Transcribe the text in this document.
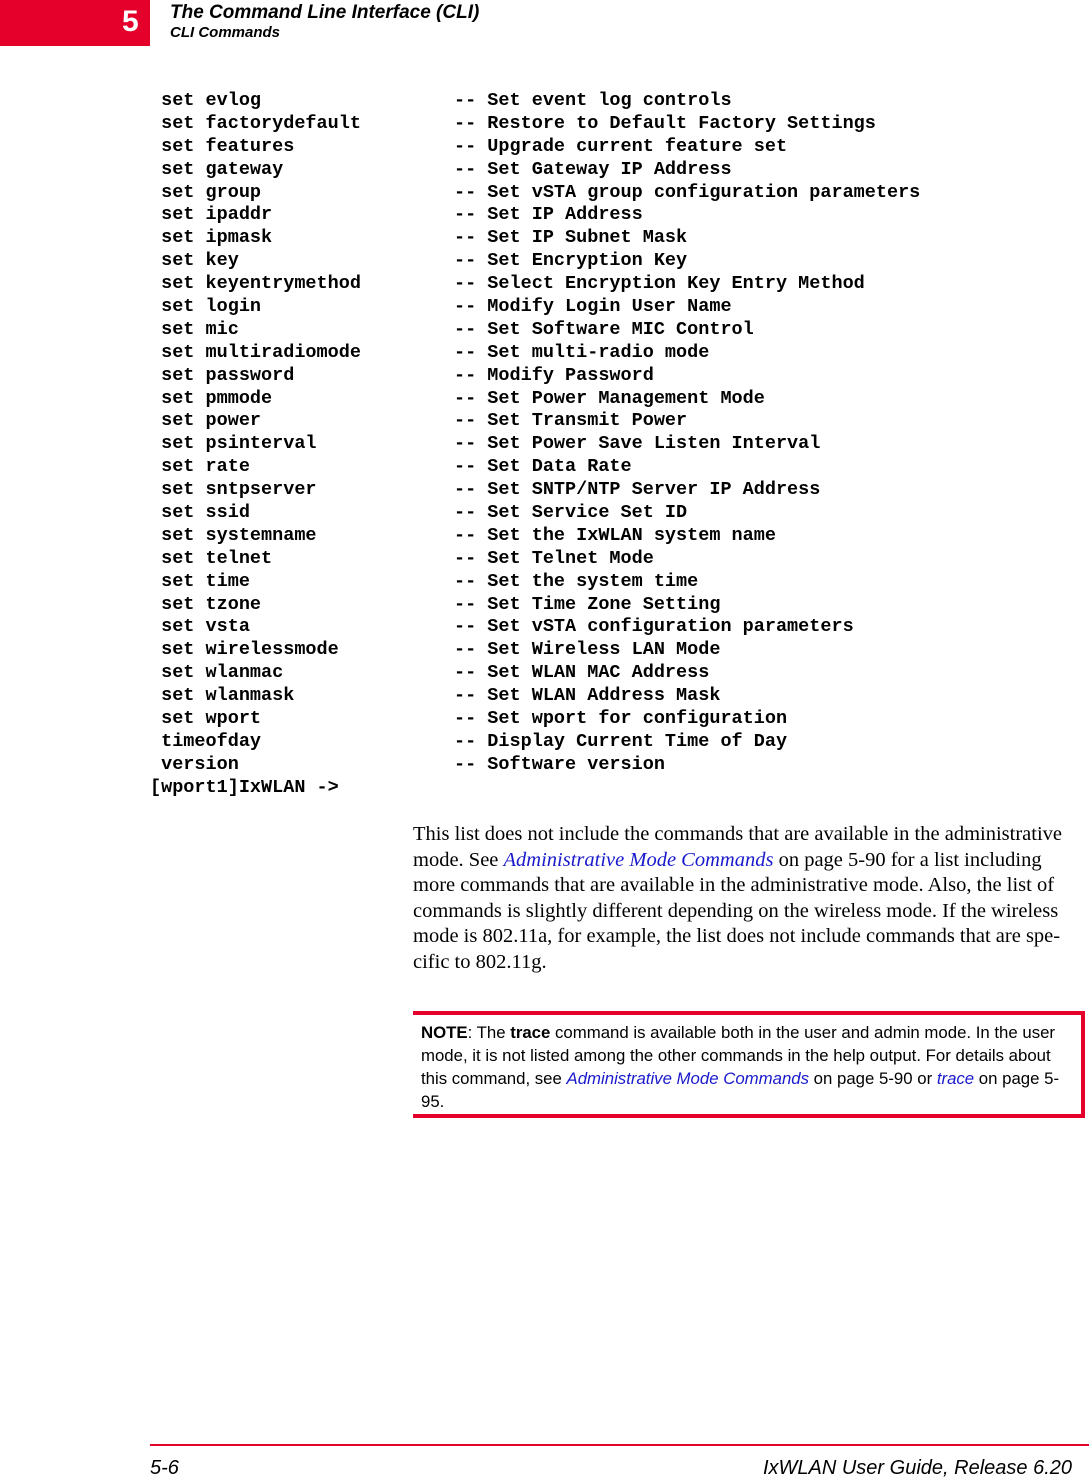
5 The Command Line Interface (CLI)
CLI Commands
set evlog	-- Set event log controls
set factorydefault	-- Restore to Default Factory Settings
set features	-- Upgrade current feature set
set gateway	-- Set Gateway IP Address
set group	-- Set vSTA group configuration parameters
set ipaddr	-- Set IP Address
set ipmask	-- Set IP Subnet Mask
set key	-- Set Encryption Key
set keyentrymethod	-- Select Encryption Key Entry Method
set login	-- Modify Login User Name
set mic	-- Set Software MIC Control
set multiradiomode	-- Set multi-radio mode
set password	-- Modify Password
set pmmode	-- Set Power Management Mode
set power	-- Set Transmit Power
set psinterval	-- Set Power Save Listen Interval
set rate	-- Set Data Rate
set sntpserver	-- Set SNTP/NTP Server IP Address
set ssid	-- Set Service Set ID
set systemname	-- Set the IxWLAN system name
set telnet	-- Set Telnet Mode
set time	-- Set the system time
set tzone	-- Set Time Zone Setting
set vsta	-- Set vSTA configuration parameters
set wirelessmode	-- Set Wireless LAN Mode
set wlanmac	-- Set WLAN MAC Address
set wlanmask	-- Set WLAN Address Mask
set wport	-- Set wport for configuration
timeofday	-- Display Current Time of Day
version	-- Software version
[wport1]IxWLAN ->

This list does not include the commands that are available in the administrative mode. See Administrative Mode Commands on page 5-90 for a list including more commands that are available in the administrative mode. Also, the list of commands is slightly different depending on the wireless mode. If the wireless mode is 802.11a, for example, the list does not include commands that are spe-cific to 802.11g.

NOTE: The trace command is available both in the user and admin mode. In the user mode, it is not listed among the other commands in the help output. For details about this command, see Administrative Mode Commands on page 5-90 or trace on page 5-95.

5-6	IxWLAN User Guide, Release 6.20
